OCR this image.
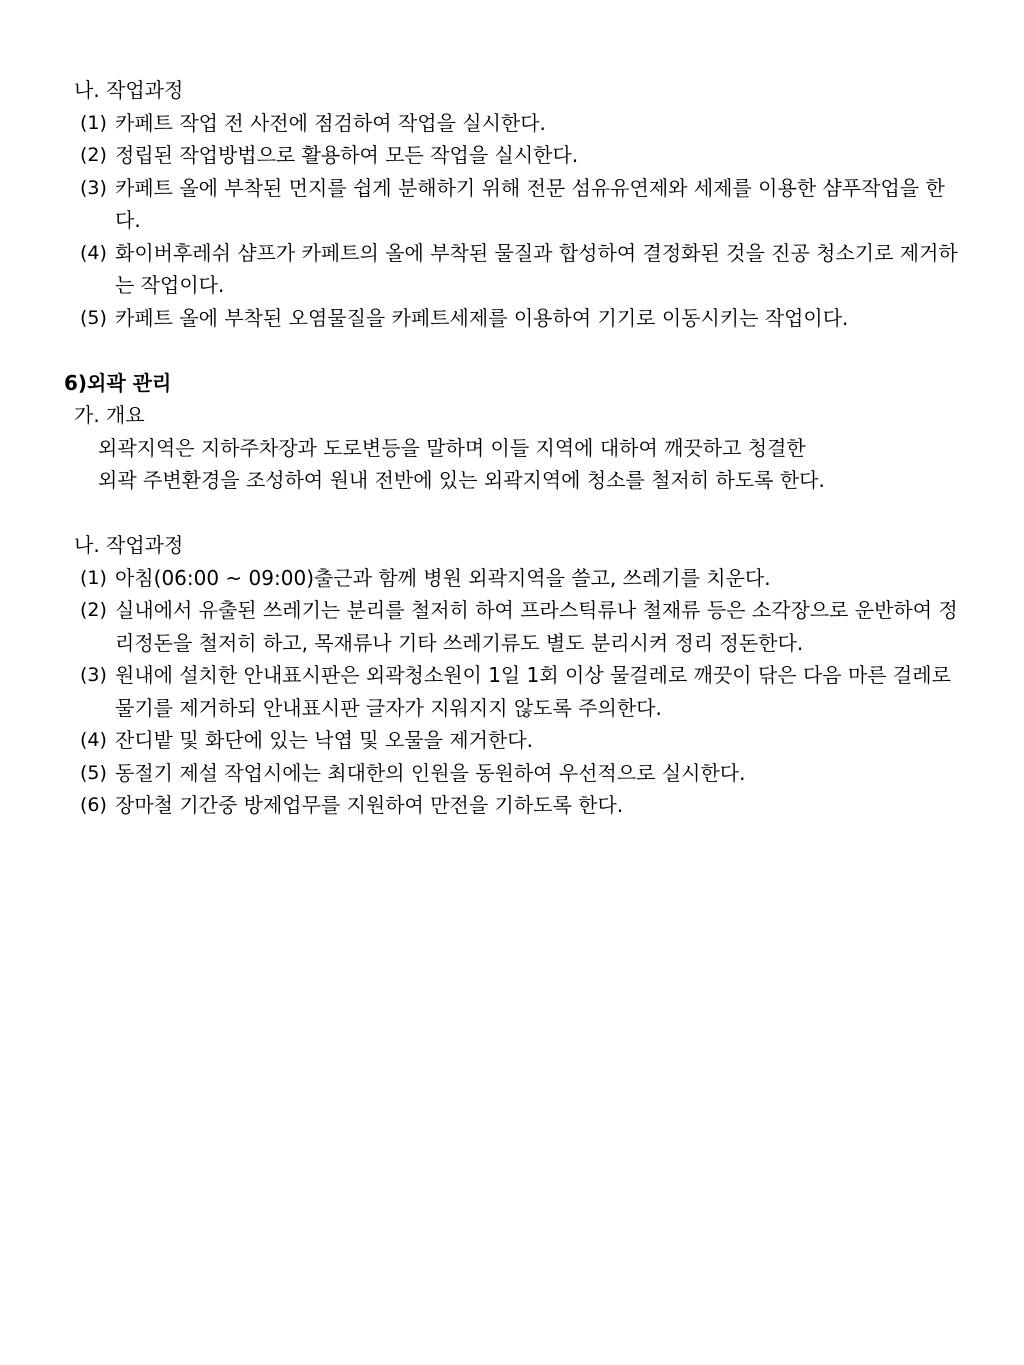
나. 작업과정
(1) 카페트 작업 전 사전에 점검하여 작업을 실시한다.
(2) 정립된 작업방법으로 활용하여 모든 작업을 실시한다.
(3) 카페트 올에 부착된 먼지를 쉽게 분해하기 위해 전문 섬유유연제와 세제를 이용한 샴푸작업을 한다.
(4) 화이버후레쉬 샴프가 카페트의 올에 부착된 물질과 합성하여 결정화된 것을 진공 청소기로 제거하는 작업이다.
(5) 카페트 올에 부착된 오염물질을 카페트세제를 이용하여 기기로 이동시키는 작업이다.
6)외곽 관리
가. 개요
외곽지역은 지하주차장과 도로변등을 말하며 이들 지역에 대하여 깨끗하고 청결한
외곽 주변환경을 조성하여 원내 전반에 있는 외곽지역에 청소를 철저히 하도록 한다.
나. 작업과정
(1) 아침(06:00 ~ 09:00)출근과 함께 병원 외곽지역을 쓸고, 쓰레기를 치운다.
(2) 실내에서 유출된 쓰레기는 분리를 철저히 하여 프라스틱류나 철재류 등은 소각장으로 운반하여 정리정돈을 철저히 하고, 목재류나 기타 쓰레기류도 별도 분리시켜 정리 정돈한다.
(3) 원내에 설치한 안내표시판은 외곽청소원이 1일 1회 이상 물걸레로 깨끗이 닦은 다음 마른 걸레로 물기를 제거하되 안내표시판 글자가 지워지지 않도록 주의한다.
(4) 잔디밭 및 화단에 있는 낙엽 및 오물을 제거한다.
(5) 동절기 제설 작업시에는 최대한의 인원을 동원하여 우선적으로 실시한다.
(6) 장마철 기간중 방제업무를 지원하여 만전을 기하도록 한다.
